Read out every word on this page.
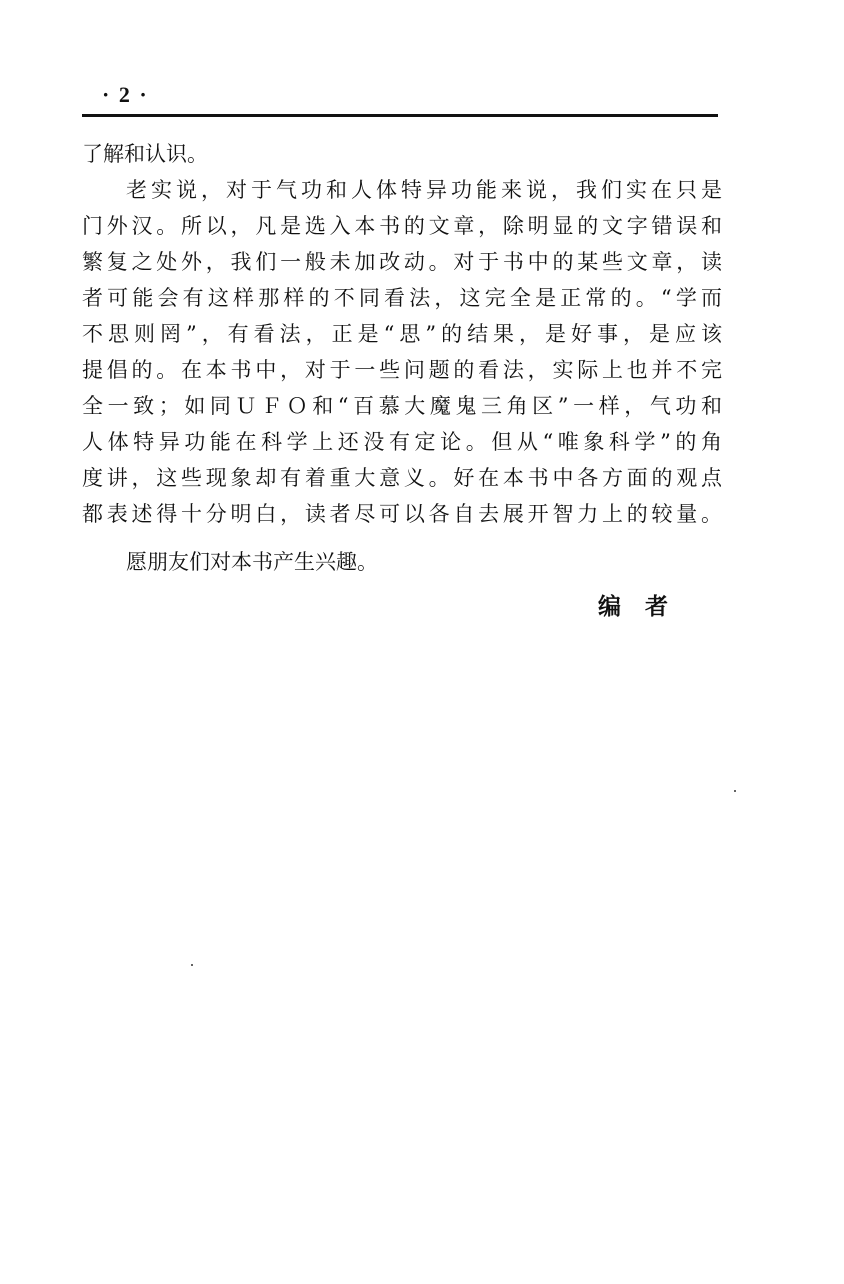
· 2 ·
了解和认识。
老实说，对于气功和人体特异功能来说，我们实在只是
门外汉。所以，凡是选入本书的文章，除明显的文字错误和
繁复之处外，我们一般未加改动。对于书中的某些文章，读
者可能会有这样那样的不同看法，这完全是正常的。“学而
不思则罔”，有看法，正是“思”的结果，是好事，是应该
提倡的。在本书中，对于一些问题的看法，实际上也并不完
全一致；如同ＵＦＯ和“百慕大魔鬼三角区”一样，气功和
人体特异功能在科学上还没有定论。但从“唯象科学”的角
度讲，这些现象却有着重大意义。好在本书中各方面的观点
都表述得十分明白，读者尽可以各自去展开智力上的较量。
愿朋友们对本书产生兴趣。
编者
